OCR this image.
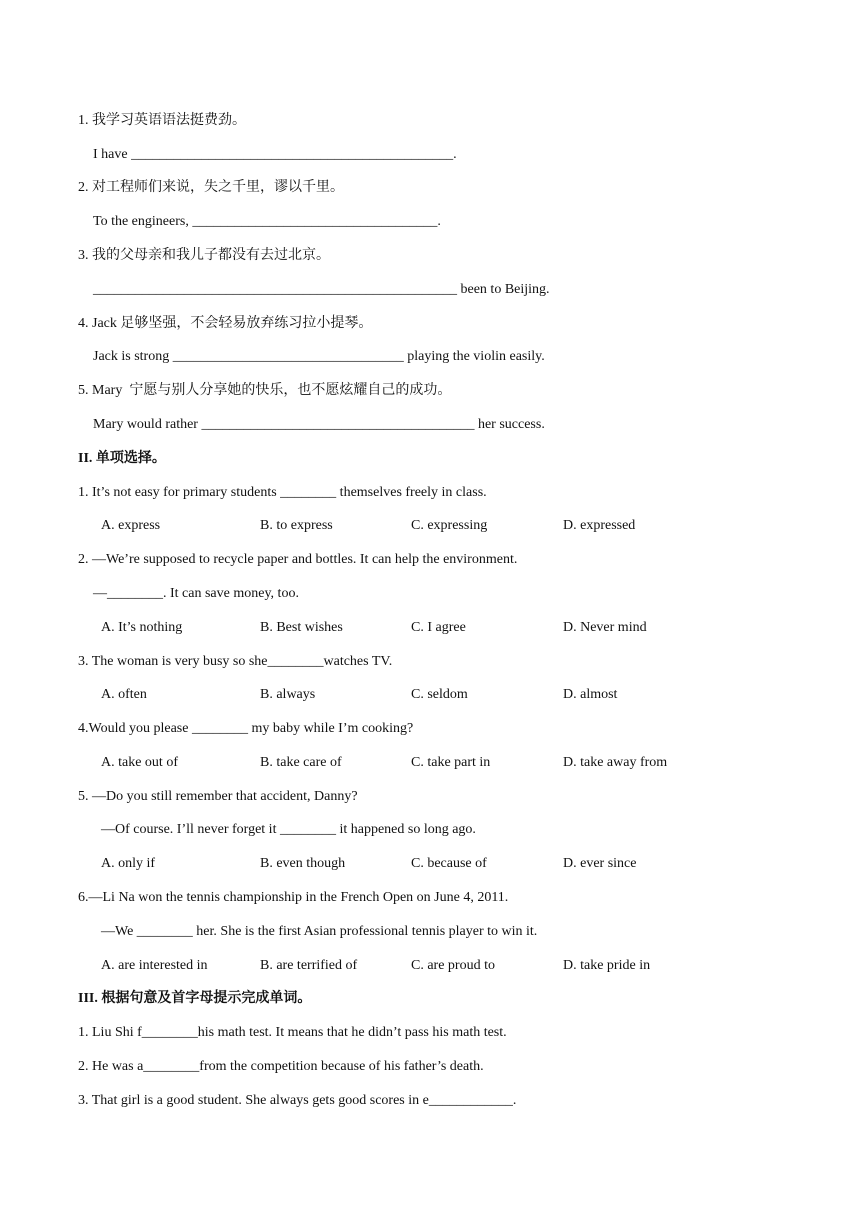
1. 我学习英语语法挺费劲。
I have ______________________________________________.
2. 对工程师们来说，失之千里，谬以千里。
To the engineers, ___________________________________.
3. 我的父母亲和我儿子都没有去过北京。
____________________________________________________ been to Beijing.
4. Jack 足够坚强，不会轻易放弃练习拉小提琴。
Jack is strong _________________________________ playing the violin easily.
5. Mary  宁愿与别人分享她的快乐，也不愿炫耀自己的成功。
Mary would rather _______________________________________ her success.
II. 单项选择。
1. It’s not easy for primary students ________ themselves freely in class.
A. express	B. to express	C. expressing	D. expressed
2. —We’re supposed to recycle paper and bottles. It can help the environment.
—________. It can save money, too.
A. It’s nothing	B. Best wishes	C. I agree	D. Never mind
3. The woman is very busy so she________watches TV.
A. often	B. always	C. seldom	D. almost
4.Would you please ________ my baby while I’m cooking?
A. take out of	B. take care of	C. take part in	D. take away from
5. —Do you still remember that accident, Danny?
—Of course. I’ll never forget it ________ it happened so long ago.
A. only if	B. even though	C. because of	D. ever since
6.—Li Na won the tennis championship in the French Open on June 4, 2011.
—We ________ her. She is the first Asian professional tennis player to win it.
A. are interested in	B. are terrified of	C. are proud to	D. take pride in
III. 根据句意及首字母提示完成单词。
1. Liu Shi f________his math test. It means that he didn’t pass his math test.
2. He was a________from the competition because of his father’s death.
3. That girl is a good student. She always gets good scores in e____________.
